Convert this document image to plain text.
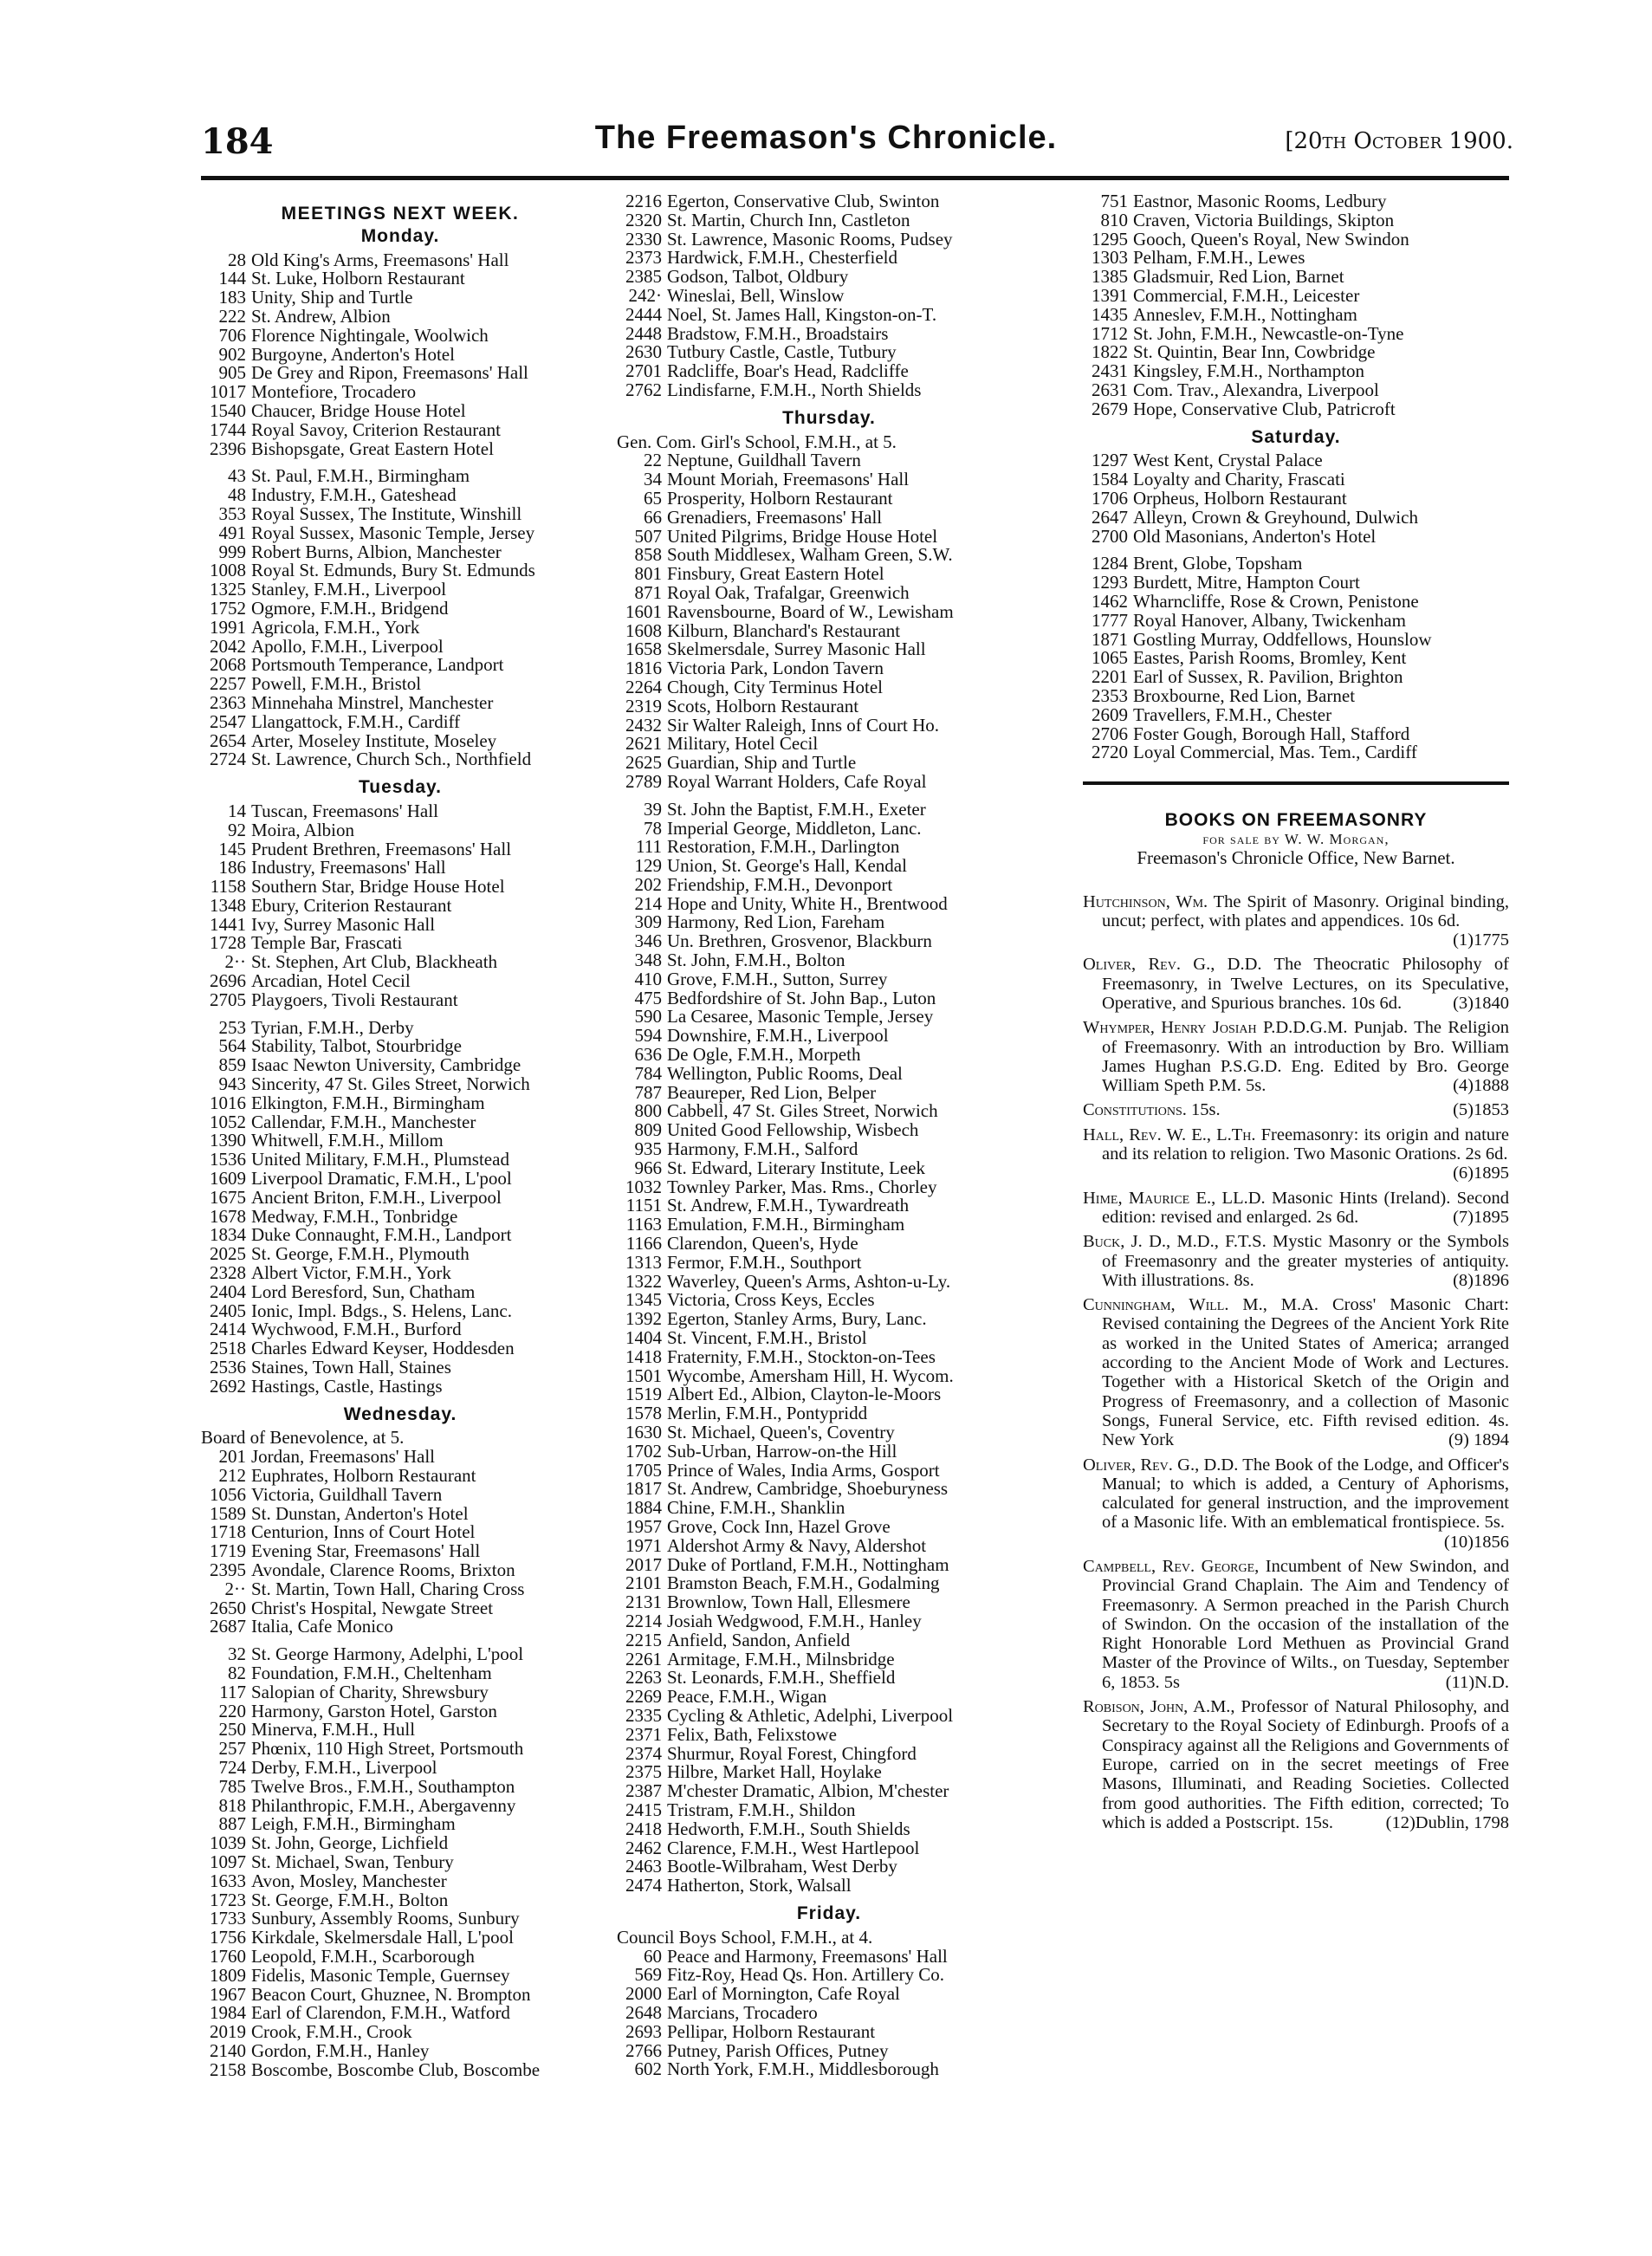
184	The Freemason's Chronicle.	[20th October 1900.
MEETINGS NEXT WEEK.
Monday.
28 Old King's Arms, Freemasons' Hall
144 St. Luke, Holborn Restaurant
183 Unity, Ship and Turtle
222 St. Andrew, Albion
706 Florence Nightingale, Woolwich
902 Burgoyne, Anderton's Hotel
905 De Grey and Ripon, Freemasons' Hall
1017 Montefiore, Trocadero
1540 Chaucer, Bridge House Hotel
1744 Royal Savoy, Criterion Restaurant
2396 Bishopsgate, Great Eastern Hotel
43 St. Paul, F.M.H., Birmingham
48 Industry, F.M.H., Gateshead
353 Royal Sussex, The Institute, Winshill
491 Royal Sussex, Masonic Temple, Jersey
999 Robert Burns, Albion, Manchester
1008 Royal St. Edmunds, Bury St. Edmunds
1325 Stanley, F.M.H., Liverpool
1752 Ogmore, F.M.H., Bridgend
1991 Agricola, F.M.H., York
2042 Apollo, F.M.H., Liverpool
2068 Portsmouth Temperance, Landport
2257 Powell, F.M.H., Bristol
2363 Minnehaha Minstrel, Manchester
2547 Llangattock, F.M.H., Cardiff
2654 Arter, Moseley Institute, Moseley
2724 St. Lawrence, Church Sch., Northfield
Tuesday.
14 Tuscan, Freemasons' Hall
92 Moira, Albion
145 Prudent Brethren, Freemasons' Hall
186 Industry, Freemasons' Hall
1158 Southern Star, Bridge House Hotel
1348 Ebury, Criterion Restaurant
1441 Ivy, Surrey Masonic Hall
1728 Temple Bar, Frascati
2·· St. Stephen, Art Club, Blackheath
2696 Arcadian, Hotel Cecil
2705 Playgoers, Tivoli Restaurant
253 Tyrian, F.M.H., Derby
564 Stability, Talbot, Stourbridge
859 Isaac Newton University, Cambridge
943 Sincerity, 47 St. Giles Street, Norwich
1016 Elkington, F.M.H., Birmingham
1052 Callendar, F.M.H., Manchester
1390 Whitwell, F.M.H., Millom
1536 United Military, F.M.H., Plumstead
1609 Liverpool Dramatic, F.M.H., L'pool
1675 Ancient Briton, F.M.H., Liverpool
1678 Medway, F.M.H., Tonbridge
1834 Duke Connaught, F.M.H., Landport
2025 St. George, F.M.H., Plymouth
2328 Albert Victor, F.M.H., York
2404 Lord Beresford, Sun, Chatham
2405 Ionic, Impl. Bdgs., S. Helens, Lanc.
2414 Wychwood, F.M.H., Burford
2518 Charles Edward Keyser, Hoddesden
2536 Staines, Town Hall, Staines
2692 Hastings, Castle, Hastings
Wednesday.
Board of Benevolence, at 5.
201 Jordan, Freemasons' Hall
212 Euphrates, Holborn Restaurant
1056 Victoria, Guildhall Tavern
1589 St. Dunstan, Anderton's Hotel
1718 Centurion, Inns of Court Hotel
1719 Evening Star, Freemasons' Hall
2395 Avondale, Clarence Rooms, Brixton
2·· St. Martin, Town Hall, Charing Cross
2650 Christ's Hospital, Newgate Street
2687 Italia, Cafe Monico
32 St. George Harmony, Adelphi, L'pool
82 Foundation, F.M.H., Cheltenham
117 Salopian of Charity, Shrewsbury
220 Harmony, Garston Hotel, Garston
250 Minerva, F.M.H., Hull
257 Phœnix, 110 High Street, Portsmouth
724 Derby, F.M.H., Liverpool
785 Twelve Bros., F.M.H., Southampton
818 Philanthropic, F.M.H., Abergavenny
887 Leigh, F.M.H., Birmingham
1039 St. John, George, Lichfield
1097 St. Michael, Swan, Tenbury
1633 Avon, Mosley, Manchester
1723 St. George, F.M.H., Bolton
1733 Sunbury, Assembly Rooms, Sunbury
1756 Kirkdale, Skelmersdale Hall, L'pool
1760 Leopold, F.M.H., Scarborough
1809 Fidelis, Masonic Temple, Guernsey
1967 Beacon Court, Ghuznee, N. Brompton
1984 Earl of Clarendon, F.M.H., Watford
2019 Crook, F.M.H., Crook
2140 Gordon, F.M.H., Hanley
2158 Boscombe, Boscombe Club, Boscombe
2216 Egerton, Conservative Club, Swinton
2320 St. Martin, Church Inn, Castleton
2330 St. Lawrence, Masonic Rooms, Pudsey
2373 Hardwick, F.M.H., Chesterfield
2385 Godson, Talbot, Oldbury
242· Wineslai, Bell, Winslow
2444 Noel, St. James Hall, Kingston-on-T.
2448 Bradstow, F.M.H., Broadstairs
2630 Tutbury Castle, Castle, Tutbury
2701 Radcliffe, Boar's Head, Radcliffe
2762 Lindisfarne, F.M.H., North Shields
Thursday.
Gen. Com. Girl's School, F.M.H., at 5.
22 Neptune, Guildhall Tavern
34 Mount Moriah, Freemasons' Hall
65 Prosperity, Holborn Restaurant
66 Grenadiers, Freemasons' Hall
507 United Pilgrims, Bridge House Hotel
858 South Middlesex, Walham Green, S.W.
801 Finsbury, Great Eastern Hotel
871 Royal Oak, Trafalgar, Greenwich
1601 Ravensbourne, Board of W., Lewisham
1608 Kilburn, Blanchard's Restaurant
1658 Skelmersdale, Surrey Masonic Hall
1816 Victoria Park, London Tavern
2264 Chough, City Terminus Hotel
2319 Scots, Holborn Restaurant
2432 Sir Walter Raleigh, Inns of Court Ho.
2621 Military, Hotel Cecil
2625 Guardian, Ship and Turtle
2789 Royal Warrant Holders, Cafe Royal
39 St. John the Baptist, F.M.H., Exeter
78 Imperial George, Middleton, Lanc.
111 Restoration, F.M.H., Darlington
129 Union, St. George's Hall, Kendal
202 Friendship, F.M.H., Devonport
214 Hope and Unity, White H., Brentwood
309 Harmony, Red Lion, Fareham
346 Un. Brethren, Grosvenor, Blackburn
348 St. John, F.M.H., Bolton
410 Grove, F.M.H., Sutton, Surrey
475 Bedfordshire of St. John Bap., Luton
590 La Cesaree, Masonic Temple, Jersey
594 Downshire, F.M.H., Liverpool
636 De Ogle, F.M.H., Morpeth
784 Wellington, Public Rooms, Deal
787 Beaureper, Red Lion, Belper
800 Cabbell, 47 St. Giles Street, Norwich
809 United Good Fellowship, Wisbech
935 Harmony, F.M.H., Salford
966 St. Edward, Literary Institute, Leek
1032 Townley Parker, Mas. Rms., Chorley
1151 St. Andrew, F.M.H., Tywardreath
1163 Emulation, F.M.H., Birmingham
1166 Clarendon, Queen's, Hyde
1313 Fermor, F.M.H., Southport
1322 Waverley, Queen's Arms, Ashton-u-Ly.
1345 Victoria, Cross Keys, Eccles
1392 Egerton, Stanley Arms, Bury, Lanc.
1404 St. Vincent, F.M.H., Bristol
1418 Fraternity, F.M.H., Stockton-on-Tees
1501 Wycombe, Amersham Hill, H. Wycom.
1519 Albert Ed., Albion, Clayton-le-Moors
1578 Merlin, F.M.H., Pontypridd
1630 St. Michael, Queen's, Coventry
1702 Sub-Urban, Harrow-on-the Hill
1705 Prince of Wales, India Arms, Gosport
1817 St. Andrew, Cambridge, Shoeburyness
1884 Chine, F.M.H., Shanklin
1957 Grove, Cock Inn, Hazel Grove
1971 Aldershot Army & Navy, Aldershot
2017 Duke of Portland, F.M.H., Nottingham
2101 Bramston Beach, F.M.H., Godalming
2131 Brownlow, Town Hall, Ellesmere
2214 Josiah Wedgwood, F.M.H., Hanley
2215 Anfield, Sandon, Anfield
2261 Armitage, F.M.H., Milnsbridge
2263 St. Leonards, F.M.H., Sheffield
2269 Peace, F.M.H., Wigan
2335 Cycling & Athletic, Adelphi, Liverpool
2371 Felix, Bath, Felixstowe
2374 Shurmur, Royal Forest, Chingford
2375 Hilbre, Market Hall, Hoylake
2387 M'chester Dramatic, Albion, M'chester
2415 Tristram, F.M.H., Shildon
2418 Hedworth, F.M.H., South Shields
2462 Clarence, F.M.H., West Hartlepool
2463 Bootle-Wilbraham, West Derby
2474 Hatherton, Stork, Walsall
Friday.
Council Boys School, F.M.H., at 4.
60 Peace and Harmony, Freemasons' Hall
569 Fitz-Roy, Head Qs. Hon. Artillery Co.
2000 Earl of Mornington, Cafe Royal
2648 Marcians, Trocadero
2693 Pellipar, Holborn Restaurant
2766 Putney, Parish Offices, Putney
602 North York, F.M.H., Middlesborough
751 Eastnor, Masonic Rooms, Ledbury
810 Craven, Victoria Buildings, Skipton
1295 Gooch, Queen's Royal, New Swindon
1303 Pelham, F.M.H., Lewes
1385 Gladsmuir, Red Lion, Barnet
1391 Commercial, F.M.H., Leicester
1435 Anneslev, F.M.H., Nottingham
1712 St. John, F.M.H., Newcastle-on-Tyne
1822 St. Quintin, Bear Inn, Cowbridge
2431 Kingsley, F.M.H., Northampton
2631 Com. Trav., Alexandra, Liverpool
2679 Hope, Conservative Club, Patricroft
Saturday.
1297 West Kent, Crystal Palace
1584 Loyalty and Charity, Frascati
1706 Orpheus, Holborn Restaurant
2647 Alleyn, Crown & Greyhound, Dulwich
2700 Old Masonians, Anderton's Hotel
1284 Brent, Globe, Topsham
1293 Burdett, Mitre, Hampton Court
1462 Wharncliffe, Rose & Crown, Penistone
1777 Royal Hanover, Albany, Twickenham
1871 Gostling Murray, Oddfellows, Hounslow
1065 Eastes, Parish Rooms, Bromley, Kent
2201 Earl of Sussex, R. Pavilion, Brighton
2353 Broxbourne, Red Lion, Barnet
2609 Travellers, F.M.H., Chester
2706 Foster Gough, Borough Hall, Stafford
2720 Loyal Commercial, Mas. Tem., Cardiff
BOOKS ON FREEMASONRY
for sale by W. W. Morgan,
Freemason's Chronicle Office, New Barnet.
Hutchinson, Wm. The Spirit of Masonry. Original binding, uncut; perfect, with plates and appendices. 10s 6d.
(1)1775
Oliver, Rev. G., D.D. The Theocratic Philosophy of Freemasonry, in Twelve Lectures, on its Speculative, Operative, and Spurious branches. 10s 6d.	(3)1840
Whymper, Henry Josiah P.D.D.G.M. Punjab. The Religion of Freemasonry. With an introduction by Bro. William James Hughan P.S.G.D. Eng. Edited by Bro. George William Speth P.M. 5s.	(4)1888
Constitutions. 15s.	(5)1853
Hall, Rev. W. E., L.Th. Freemasonry: its origin and nature and its relation to religion. Two Masonic Orations. 2s 6d.
(6)1895
Hime, Maurice E., LL.D. Masonic Hints (Ireland). Second edition: revised and enlarged. 2s 6d.	(7)1895
Buck, J. D., M.D., F.T.S. Mystic Masonry or the Symbols of Freemasonry and the greater mysteries of antiquity. With illustrations. 8s.	(8)1896
Cunningham, Will. M., M.A. Cross' Masonic Chart: Revised containing the Degrees of the Ancient York Rite as worked in the United States of America; arranged according to the Ancient Mode of Work and Lectures. Together with a Historical Sketch of the Origin and Progress of Freemasonry, and a collection of Masonic Songs, Funeral Service, etc. Fifth revised edition. 4s. New York	(9) 1894
Oliver, Rev. G., D.D. The Book of the Lodge, and Officer's Manual; to which is added, a Century of Aphorisms, calculated for general instruction, and the improvement of a Masonic life. With an emblematical frontispiece. 5s.
(10)1856
Campbell, Rev. George, Incumbent of New Swindon, and Provincial Grand Chaplain. The Aim and Tendency of Freemasonry. A Sermon preached in the Parish Church of Swindon. On the occasion of the installation of the Right Honorable Lord Methuen as Provincial Grand Master of the Province of Wilts., on Tuesday, September 6, 1853. 5s	(11)N.D.
Robison, John, A.M., Professor of Natural Philosophy, and Secretary to the Royal Society of Edinburgh. Proofs of a Conspiracy against all the Religions and Governments of Europe, carried on in the secret meetings of Free Masons, Illuminati, and Reading Societies. Collected from good authorities. The Fifth edition, corrected; To which is added a Postscript. 15s.	(12)Dublin, 1798
